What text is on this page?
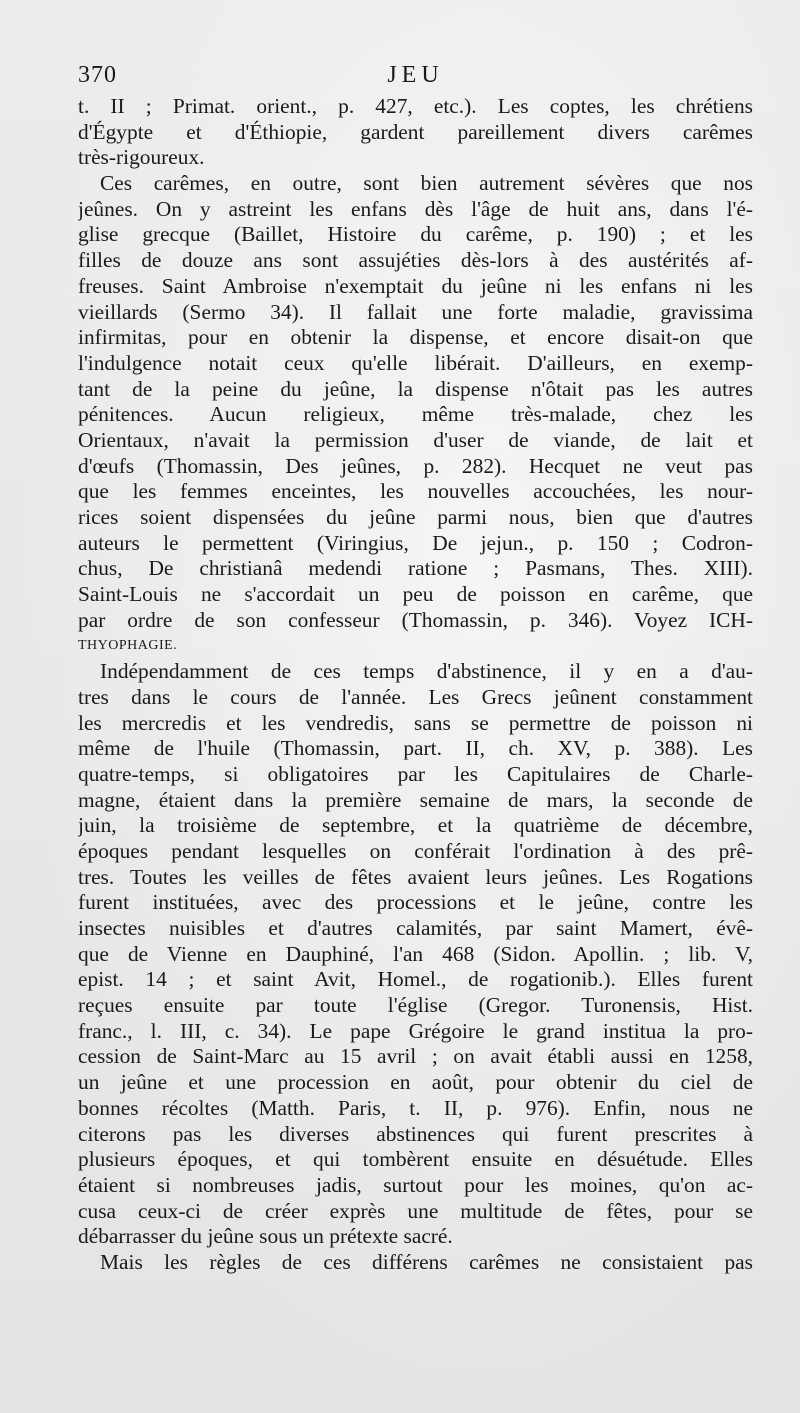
370	JEU
t. II ; Primat. orient., p. 427, etc.). Les coptes, les chrétiens
d'Égypte et d'Éthiopie, gardent pareillement divers carêmes
très-rigoureux.
Ces carêmes, en outre, sont bien autrement sévères que nos
jeûnes. On y astreint les enfans dès l'âge de huit ans, dans l'é-
glise grecque (Baillet, Histoire du carême, p. 190) ; et les
filles de douze ans sont assujéties dès-lors à des austérités af-
freuses. Saint Ambroise n'exemptait du jeûne ni les enfans ni les
vieillards (Sermo 34). Il fallait une forte maladie, gravissima
infirmitas, pour en obtenir la dispense, et encore disait-on que
l'indulgence notait ceux qu'elle libérait. D'ailleurs, en exemp-
tant de la peine du jeûne, la dispense n'ôtait pas les autres
pénitences. Aucun religieux, même très-malade, chez les
Orientaux, n'avait la permission d'user de viande, de lait et
d'œufs (Thomassin, Des jeûnes, p. 282). Hecquet ne veut pas
que les femmes enceintes, les nouvelles accouchées, les nour-
rices soient dispensées du jeûne parmi nous, bien que d'autres
auteurs le permettent (Viringius, De jejun., p. 150 ; Codron-
chus, De christianâ medendi ratione ; Pasmans, Thes. XIII).
Saint-Louis ne s'accordait un peu de poisson en carême, que
par ordre de son confesseur (Thomassin, p. 346). Voyez ICH-
THYOPHAGIE.
Indépendamment de ces temps d'abstinence, il y en a d'au-
tres dans le cours de l'année. Les Grecs jeûnent constamment
les mercredis et les vendredis, sans se permettre de poisson ni
même de l'huile (Thomassin, part. II, ch. XV, p. 388). Les
quatre-temps, si obligatoires par les Capitulaires de Charle-
magne, étaient dans la première semaine de mars, la seconde de
juin, la troisième de septembre, et la quatrième de décembre,
époques pendant lesquelles on conférait l'ordination à des prê-
tres. Toutes les veilles de fêtes avaient leurs jeûnes. Les Rogations
furent instituées, avec des processions et le jeûne, contre les
insectes nuisibles et d'autres calamités, par saint Mamert, évê-
que de Vienne en Dauphiné, l'an 468 (Sidon. Apollin. ; lib. V,
epist. 14 ; et saint Avit, Homel., de rogationib.). Elles furent
reçues ensuite par toute l'église (Gregor. Turonensis, Hist.
franc., l. III, c. 34). Le pape Grégoire le grand institua la pro-
cession de Saint-Marc au 15 avril ; on avait établi aussi en 1258,
un jeûne et une procession en août, pour obtenir du ciel de
bonnes récoltes (Matth. Paris, t. II, p. 976). Enfin, nous ne
citerons pas les diverses abstinences qui furent prescrites à
plusieurs époques, et qui tombèrent ensuite en désuétude. Elles
étaient si nombreuses jadis, surtout pour les moines, qu'on ac-
cusa ceux-ci de créer exprès une multitude de fêtes, pour se
débarrasser du jeûne sous un prétexte sacré.
Mais les règles de ces différens carêmes ne consistaient pas
